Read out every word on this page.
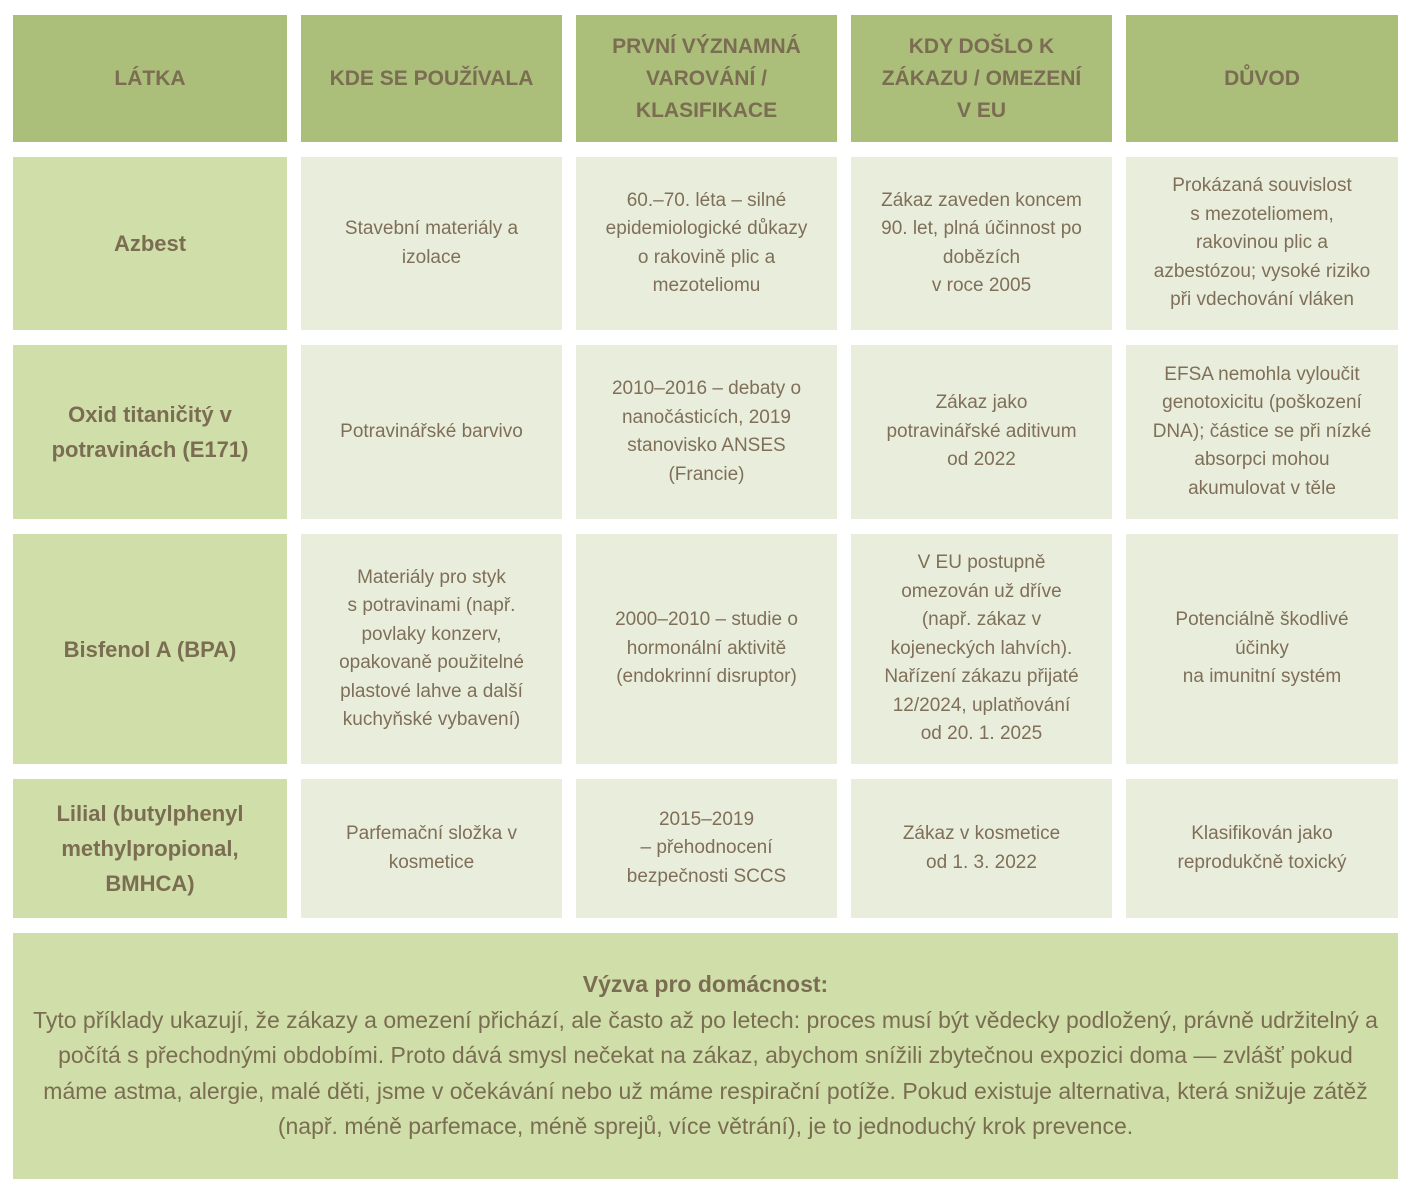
LÁTKA	KDE SE POUŽÍVALA
PRVNÍ VÝZNAMNÁ
VAROVÁNÍ /
KLASIFIKACE
KDY DOŠLO K
ZÁKAZU / OMEZENÍ
V EU
DŮVOD
Azbest
Stavební materiály a
izolace
60.–70. léta – silné
epidemiologické důkazy
o rakovině plic a
mezoteliomu
Zákaz zaveden koncem
90. let, plná účinnost po
dobězích
v roce 2005
Prokázaná souvislost
s mezoteliomem,
rakovinou plic a
azbestózou; vysoké riziko
při vdechování vláken
Oxid titaničitý v
potravinách (E171)
Potravinářské barvivo
2010–2016 – debaty o
nanočásticích, 2019
stanovisko ANSES
(Francie)
Zákaz jako
potravinářské aditivum
od 2022
EFSA nemohla vyloučit
genotoxicitu (poškození
DNA); částice se při nízké
absorpci mohou
akumulovat v těle
Bisfenol A (BPA)
Materiály pro styk
s potravinami (např.
povlaky konzerv,
opakovaně použitelné
plastové lahve a další
kuchyňské vybavení)
2000–2010 – studie o
hormonální aktivitě
(endokrinní disruptor)
V EU postupně
omezován už dříve
(např. zákaz v
kojeneckých lahvích).
Nařízení zákazu přijaté
12/2024, uplatňování
od 20. 1. 2025
Potenciálně škodlivé
účinky
na imunitní systém
Lilial (butylphenyl
methylpropional,
BMHCA)
Parfemační složka v
kosmetice
2015–2019
– přehodnocení
bezpečnosti SCCS
Zákaz v kosmetice
od 1. 3. 2022
Klasifikován jako
reprodukčně toxický
Výzva pro domácnost:
Tyto příklady ukazují, že zákazy a omezení přichází, ale často až po letech: proces musí být vědecky podložený, právně udržitelný a počítá s přechodnými obdobími. Proto dává smysl nečekat na zákaz, abychom snížili zbytečnou expozici doma — zvlášť pokud máme astma, alergie, malé děti, jsme v očekávání nebo už máme respirační potíže. Pokud existuje alternativa, která snižuje zátěž (např. méně parfemace, méně sprejů, více větrání), je to jednoduchý krok prevence.
